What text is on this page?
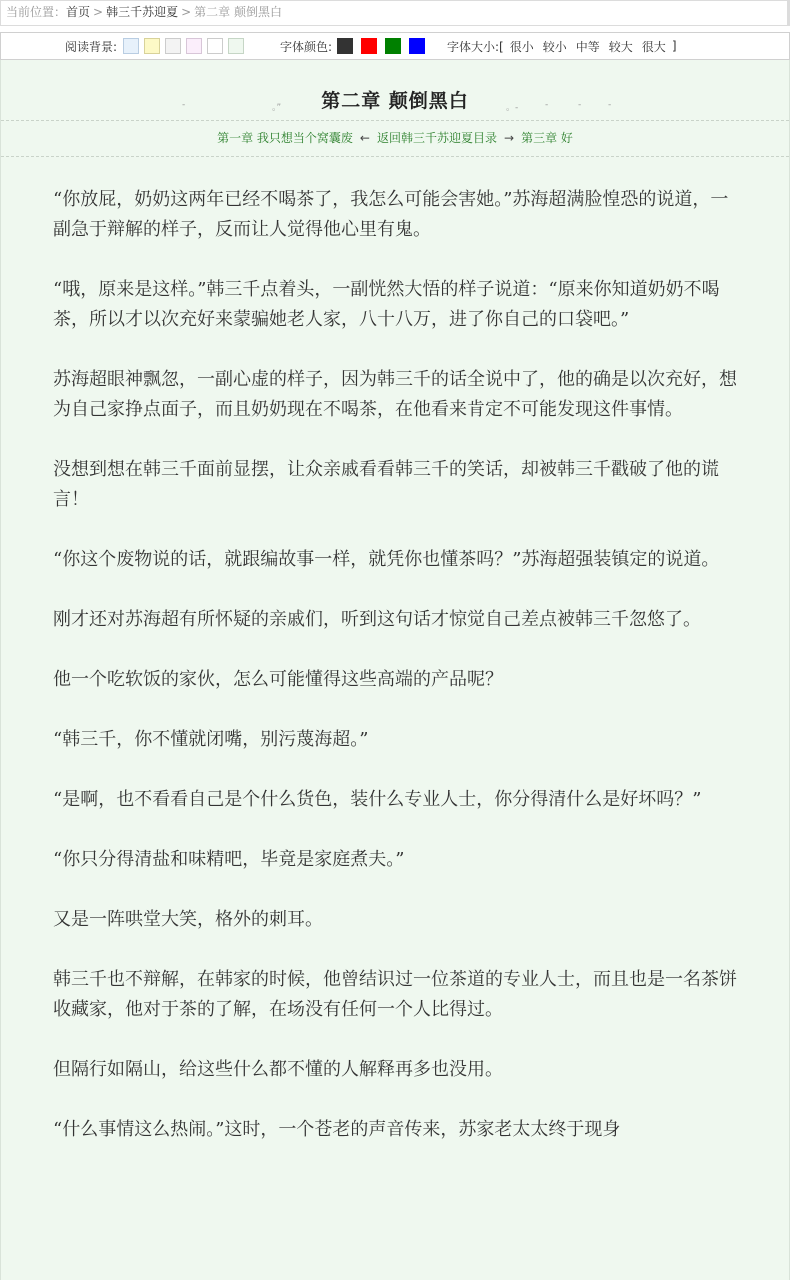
当前位置：首页 > 韩三千苏迎夏 > 第二章 颠倒黑白
阅读背景:	字体颜色:	字体大小:[ 很小 较小 中等 较大 很大 ]
-	。”	第二章 颠倒黑白	。-	-	-	-
第一章 我只想当个窝囊废 ← 返回韩三千苏迎夏目录 → 第三章 好

“你放屁，奶奶这两年已经不喝茶了，我怎么可能会害她。”苏海超满脸惶恐的说道，一副急于辩解的样子，反而让人觉得他心里有鬼。

“哦，原来是这样。”韩三千点着头，一副恍然大悟的样子说道：“原来你知道奶奶不喝茶，所以才以次充好来蒙骗她老人家，八十八万，进了你自己的口袋吧。”

苏海超眼神飘忽，一副心虚的样子，因为韩三千的话全说中了，他的确是以次充好，想为自己家挣点面子，而且奶奶现在不喝茶，在他看来肯定不可能发现这件事情。

没想到想在韩三千面前显摆，让众亲戚看看韩三千的笑话，却被韩三千戳破了他的谎言！

“你这个废物说的话，就跟编故事一样，就凭你也懂茶吗？”苏海超强装镇定的说道。

刚才还对苏海超有所怀疑的亲戚们，听到这句话才惊觉自己差点被韩三千忽悠了。

他一个吃软饭的家伙，怎么可能懂得这些高端的产品呢？

“韩三千，你不懂就闭嘴，别污蔑海超。”

“是啊，也不看看自己是个什么货色，装什么专业人士，你分得清什么是好坏吗？”

“你只分得清盐和味精吧，毕竟是家庭煮夫。”

又是一阵哄堂大笑，格外的刺耳。

韩三千也不辩解，在韩家的时候，他曾结识过一位茶道的专业人士，而且也是一名茶饼收藏家，他对于茶的了解，在场没有任何一个人比得过。

但隔行如隔山，给这些什么都不懂的人解释再多也没用。

“什么事情这么热闹。”这时，一个苍老的声音传来，苏家老太太终于现身
